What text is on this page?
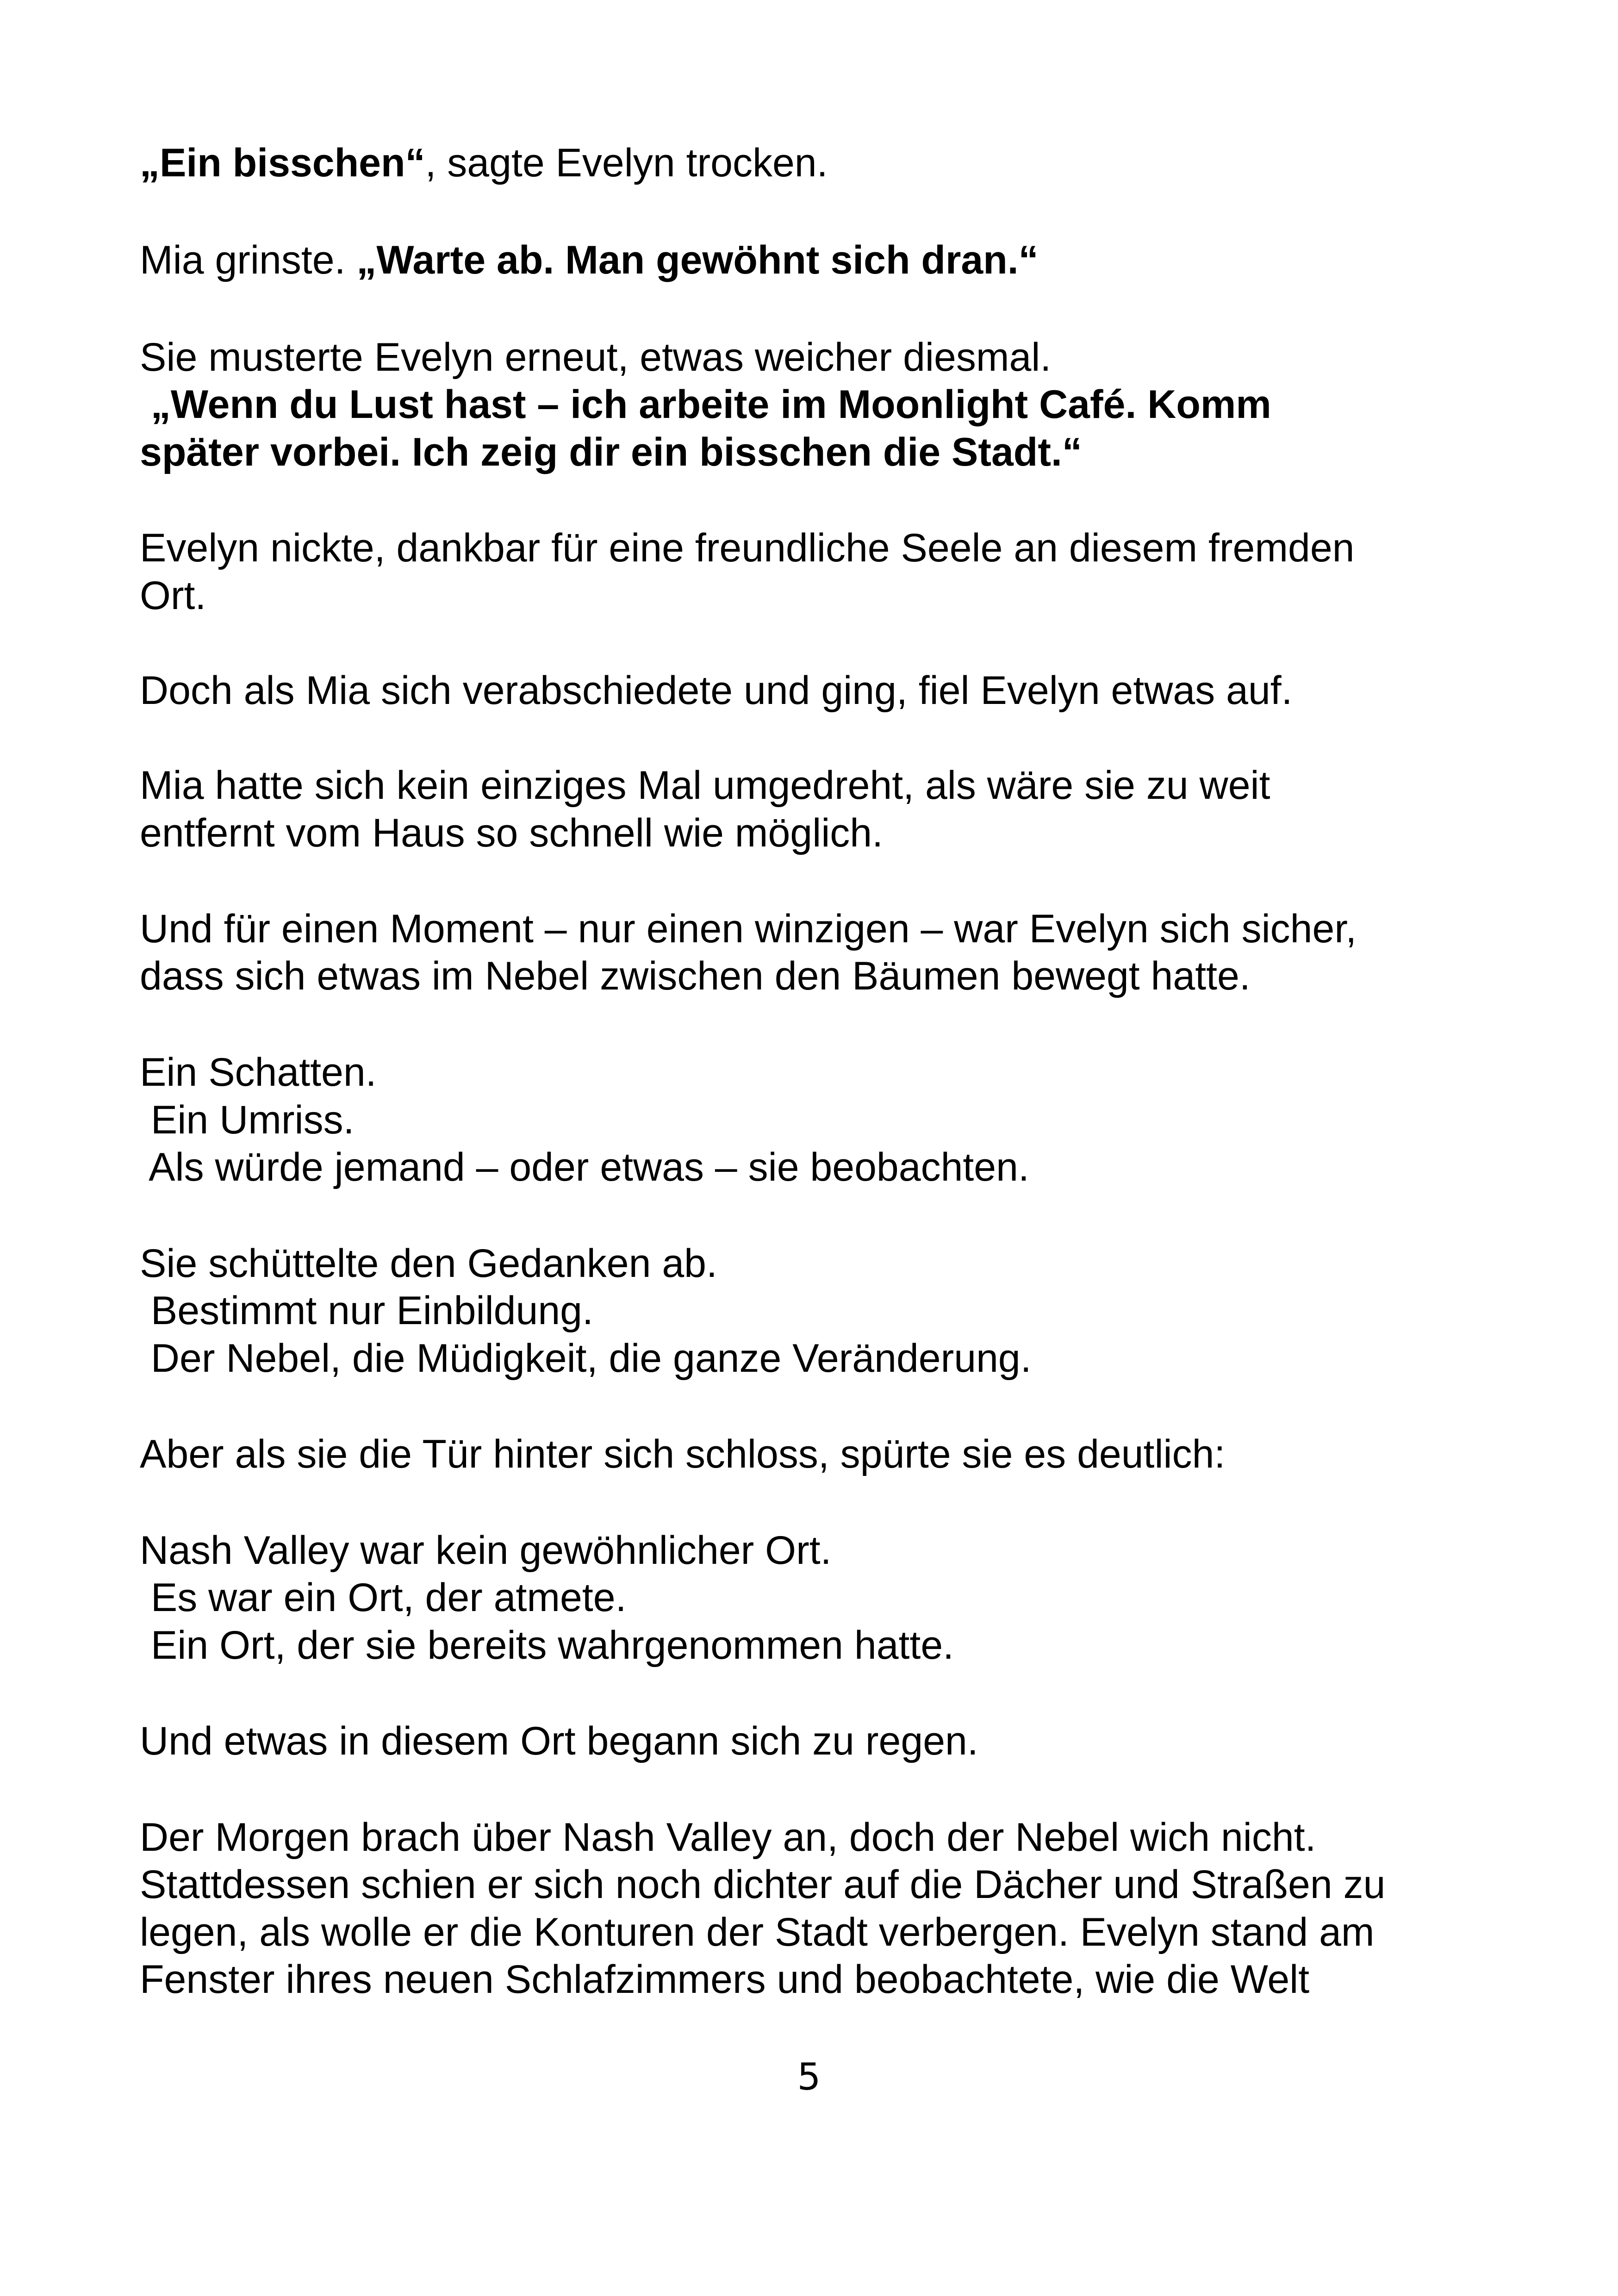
„Ein bisschen“, sagte Evelyn trocken.

Mia grinste. „Warte ab. Man gewöhnt sich dran.“

Sie musterte Evelyn erneut, etwas weicher diesmal.

„Wenn du Lust hast – ich arbeite im Moonlight Café. Komm

später vorbei. Ich zeig dir ein bisschen die Stadt.“

Evelyn nickte, dankbar für eine freundliche Seele an diesem fremden

Ort.

Doch als Mia sich verabschiedete und ging, fiel Evelyn etwas auf.

Mia hatte sich kein einziges Mal umgedreht, als wäre sie zu weit

entfernt vom Haus so schnell wie möglich.

Und für einen Moment – nur einen winzigen – war Evelyn sich sicher,

dass sich etwas im Nebel zwischen den Bäumen bewegt hatte.

Ein Schatten.

Ein Umriss.

Als würde jemand – oder etwas – sie beobachten.

Sie schüttelte den Gedanken ab.

Bestimmt nur Einbildung.

Der Nebel, die Müdigkeit, die ganze Veränderung.

Aber als sie die Tür hinter sich schloss, spürte sie es deutlich:

Nash Valley war kein gewöhnlicher Ort.

Es war ein Ort, der atmete.

Ein Ort, der sie bereits wahrgenommen hatte.

Und etwas in diesem Ort begann sich zu regen.

Der Morgen brach über Nash Valley an, doch der Nebel wich nicht.

Stattdessen schien er sich noch dichter auf die Dächer und Straßen zu

legen, als wolle er die Konturen der Stadt verbergen. Evelyn stand am

Fenster ihres neuen Schlafzimmers und beobachtete, wie die Welt

5
